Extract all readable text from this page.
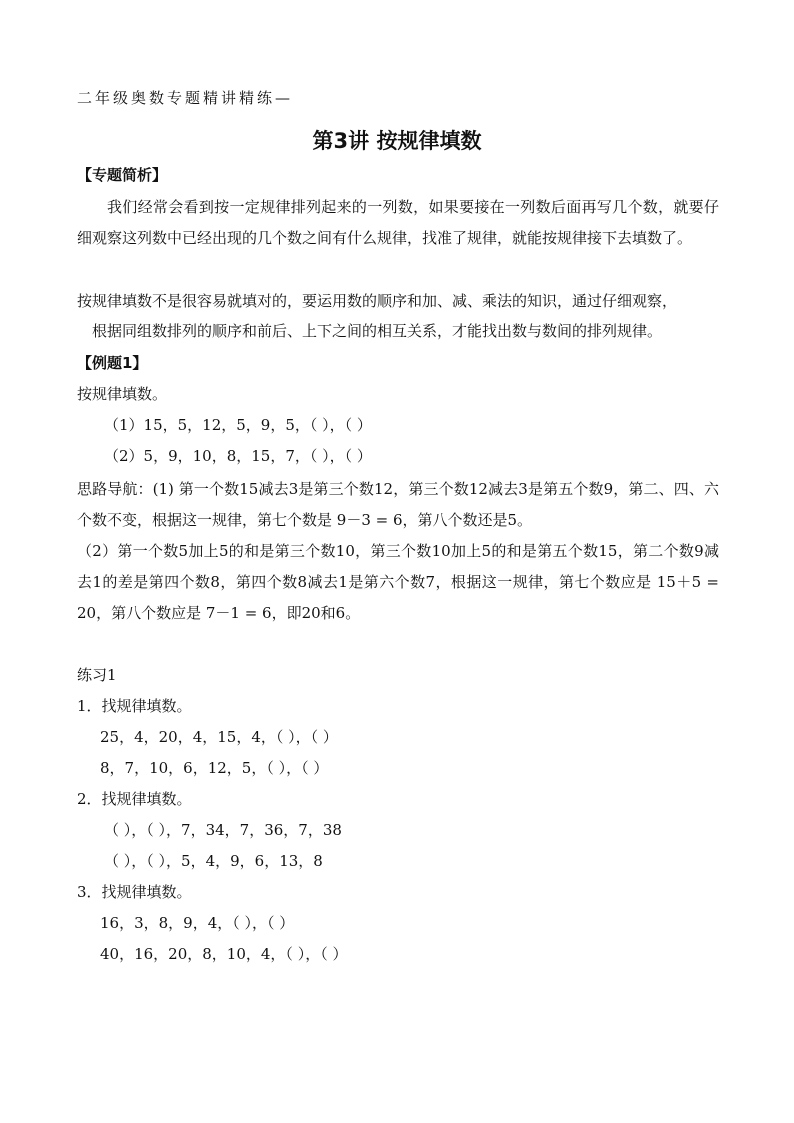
二年级奥数专题精讲精练—
第3讲 按规律填数
【专题简析】
我们经常会看到按一定规律排列起来的一列数，如果要接在一列数后面再写几个数，就要仔细观察这列数中已经出现的几个数之间有什么规律，找准了规律，就能按规律接下去填数了。
按规律填数不是很容易就填对的，要运用数的顺序和加、减、乘法的知识，通过仔细观察，
根据同组数排列的顺序和前后、上下之间的相互关系，才能找出数与数间的排列规律。
【例题1】
按规律填数。
（1）15，5，12，5，9，5，（ ），（ ）
（2）5，9，10，8，15，7，（ ），（ ）
思路导航：(1) 第一个数15减去3是第三个数12，第三个数12减去3是第五个数9，第二、四、六个数不变，根据这一规律，第七个数是 9－3 = 6，第八个数还是5。
（2）第一个数5加上5的和是第三个数10，第三个数10加上5的和是第五个数15，第二个数9减去1的差是第四个数8，第四个数8减去1是第六个数7，根据这一规律，第七个数应是 15＋5 = 20，第八个数应是 7－1 = 6，即20和6。
练习1
1．找规律填数。
25，4，20，4，15，4，（ ），（ ）
8，7，10，6，12，5，（ ），（ ）
2．找规律填数。
（ ），（ ），7，34，7，36，7，38
（ ），（ ），5，4，9，6，13，8
3．找规律填数。
16，3，8，9，4，（ ），（ ）
40，16，20，8，10，4，（ ），（ ）
